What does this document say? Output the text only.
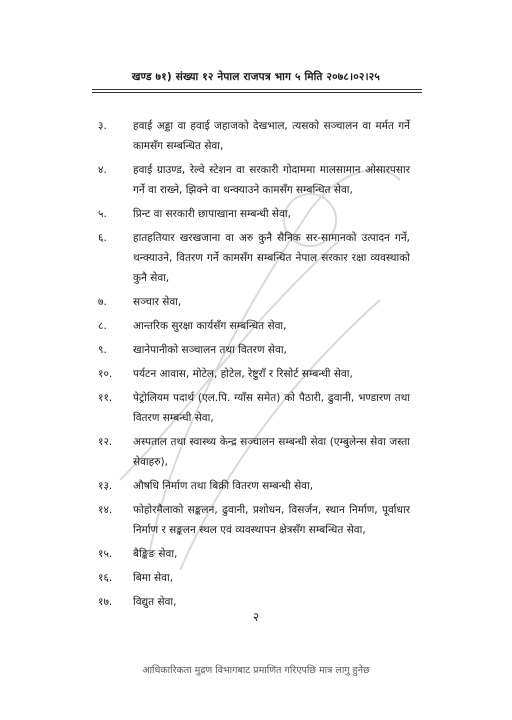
खण्ड ७१) संख्या १२ नेपाल राजपत्र भाग ५ मिति २०७८।०२।२५
३.	हवाई अड्डा वा हवाई जहाजको देखभाल, त्यसको सञ्चालन वा मर्मत गर्ने कामसँग सम्बन्धित सेवा,
४.	हवाई ग्राउण्ड, रेल्वे स्टेशन वा सरकारी गोदाममा मालसामान ओसारपसार गर्ने वा राख्ने, झिक्ने वा थन्क्याउने कामसँग सम्बन्धित सेवा,
५.	प्रिन्ट वा सरकारी छापाखाना सम्बन्धी सेवा,
६.	हातहतियार खरखजाना वा अरु कुनै सैनिक सर-सामानको उत्पादन गर्ने, थन्क्याउने, वितरण गर्ने कामसँग सम्बन्धित नेपाल सरकार रक्षा व्यवस्थाको कुनै सेवा,
७.	सञ्चार सेवा,
८.	आन्तरिक सुरक्षा कार्यसँग सम्बन्धित सेवा,
९.	खानेपानीको सञ्चालन तथा वितरण सेवा,
१०.	पर्यटन आवास, मोटेल, होटेल, रेष्टुराँ र रिसोर्ट सम्बन्धी सेवा,
११.	पेट्रोलियम पदार्थ (एल.पि. ग्याँस समेत) को पैठारी, ढुवानी, भण्डारण तथा वितरण सम्बन्धी सेवा,
१२.	अस्पताल तथा स्वास्थ्य केन्द्र सञ्चालन सम्बन्धी सेवा (एम्बुलेन्स सेवा जस्ता सेवाहरु),
१३.	औषधि निर्माण तथा बिक्री वितरण सम्बन्धी सेवा,
१४.	फोहोरमैलाको सङ्कलन, ढुवानी, प्रशोधन, विसर्जन, स्थान निर्माण, पूर्वाधार निर्माण र सङ्कलन स्थल एवं व्यवस्थापन क्षेत्रसँग सम्बन्धित सेवा,
१५.	बैङ्किङ सेवा,
१६.	बिमा सेवा,
१७.	विद्युत सेवा,
२
आधिकारिकता मुद्रण विभागबाट प्रमाणित गरिएपछि मात्र लागु हुनेछ
